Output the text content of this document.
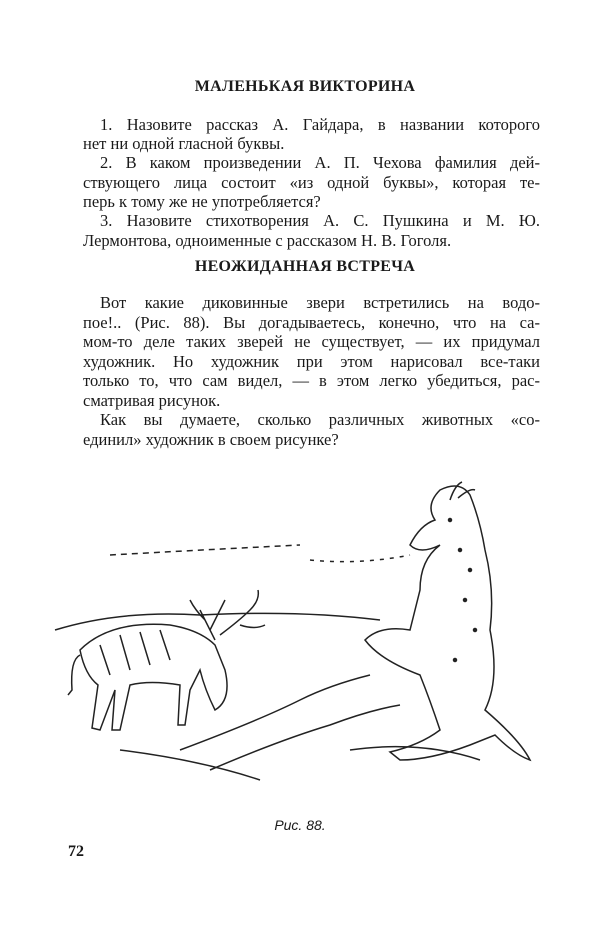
МАЛЕНЬКАЯ ВИКТОРИНА
1. Назовите рассказ А. Гайдара, в названии которого
нет ни одной гласной буквы.
2. В каком произведении А. П. Чехова фамилия дей-
ствующего лица состоит «из одной буквы», которая те-
перь к тому же не употребляется?
3. Назовите стихотворения А. С. Пушкина и М. Ю.
Лермонтова, одноименные с рассказом Н. В. Гоголя.
НЕОЖИДАННАЯ ВСТРЕЧА
Вот какие диковинные звери встретились на водо-
пое!.. (Рис. 88). Вы догадываетесь, конечно, что на са-
мом-то деле таких зверей не существует, — их придумал
художник. Но художник при этом нарисовал все-таки
только то, что сам видел, — в этом легко убедиться, рас-
сматривая рисунок.
Как вы думаете, сколько различных животных «со-
единил» художник в своем рисунке?
Рис. 88.
72
